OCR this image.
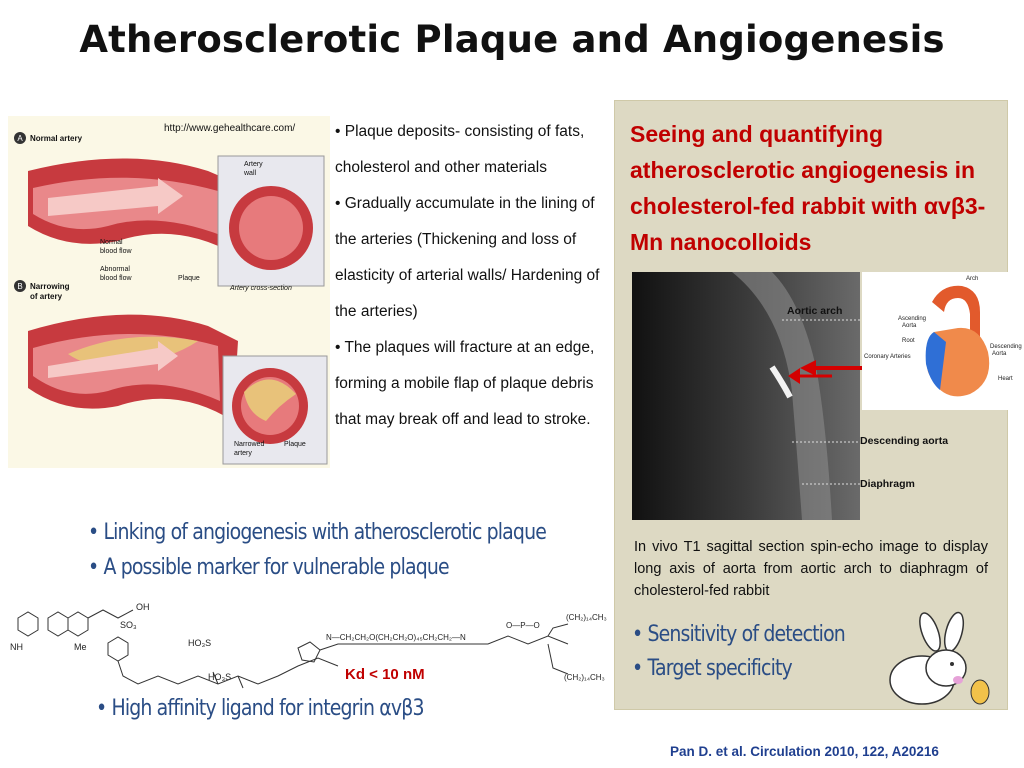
Atherosclerotic Plaque and Angiogenesis
A Normal artery
B Narrowing
of artery
Artery
wall
Normal
blood flow
Abnormal
blood flow	Plaque
Artery cross-section
Narrowed
artery
Plaque
http://www.gehealthcare.com/	• Plaque deposits- consisting of fats, cholesterol and other materials

• Gradually accumulate in the lining of the arteries (Thickening and loss of elasticity of arterial walls/ Hardening of the arteries)

• The plaques will fracture at an edge, forming a mobile flap of plaque debris that may break off and lead to stroke.

• Linking of angiogenesis with atherosclerotic plaque

• A possible marker for vulnerable plaque

NH	Me
OH
SO₃
HO₃S
HO₃S
N—CH₂CH₂O(CH₂CH₂O)₄₅CH₂CH₂—N
O—P—O
(CH₂)₁₄CH₃
(CH₂)₁₄CH₃
Kd < 10 nM
• High affinity ligand for integrin αvβ3
Seeing and quantifying atherosclerotic angiogenesis in cholesterol-fed rabbit with αvβ3-Mn nanocolloids
Aortic arch
Descending aorta
Diaphragm
Arch
Ascending
Aorta
Root
Coronary Arteries
Descending
Aorta
Heart
In vivo T1 sagittal section spin-echo image to display long axis of aorta from aortic arch to diaphragm of cholesterol-fed rabbit

• Sensitivity of detection

• Target specificity

Pan D. et al. Circulation 2010, 122, A20216
